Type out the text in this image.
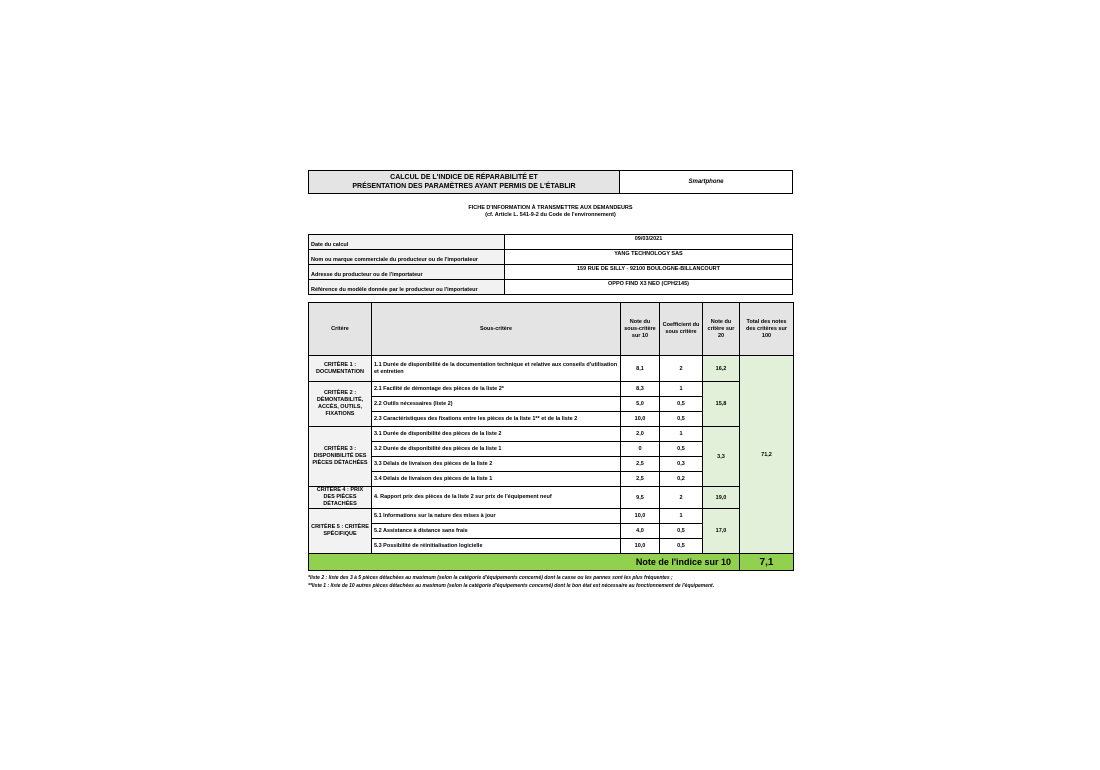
CALCUL DE L'INDICE DE RÉPARABILITÉ ET
PRÉSENTATION DES PARAMÈTRES AYANT PERMIS DE L'ÉTABLIR
	Smartphone
FICHE D'INFORMATION À TRANSMETTRE AUX DEMANDEURS
(cf. Article L. 541-9-2 du Code de l'environnement)
Date du calcul	09/03/2021
Nom ou marque commerciale du producteur ou de l'importateur	YANG TECHNOLOGY SAS
Adresse du producteur ou de l'importateur	159 RUE DE SILLY - 92100 BOULOGNE-BILLANCOURT
Référence du modèle donnée par le producteur ou l'importateur	OPPO FIND X3 NEO (CPH2145)
Critère	Sous-critère	Note du sous-critère sur 10	Coefficient du sous critère	Note du critère sur 20	Total des notes des critères sur 100
CRITÈRE 1 : DOCUMENTATION	1.1 Durée de disponibilité de la documentation technique et relative aux conseils d'utilisation et entretien	8,1	2	16,2	71,2
CRITÈRE 2 : DÉMONTABILITÉ, ACCÈS, OUTILS, FIXATIONS	2.1 Facilité de démontage des pièces de la liste 2*	8,3	1	15,8	
	2.2 Outils nécessaires (liste 2)	5,0	0,5		
	2.3 Caractéristiques des fixations entre les pièces de la liste 1** et de la liste 2	10,0	0,5		
CRITÈRE 3 : DISPONIBILITÉ DES PIÈCES DÉTACHÉES	3.1 Durée de disponibilité des pièces de la liste 2	2,0	1	3,3	
	3.2 Durée de disponibilité des pièces de la liste 1	0	0,5		
	3.3 Délais de livraison des pièces de la liste 2	2,5	0,3		
	3.4 Délais de livraison des pièces de la liste 1	2,5	0,2		
CRITÈRE 4 : PRIX DES PIÈCES DÉTACHÉES	4. Rapport prix des pièces de la liste 2 sur prix de l'équipement neuf	9,5	2	19,0	
CRITÈRE 5 : CRITÈRE SPÉCIFIQUE	5.1 Informations sur la nature des mises à jour	10,0	1	17,0	
	5.2 Assistance à distance sans frais	4,0	0,5		
	5.3 Possibilité de réinitialisation logicielle	10,0	0,5		
Note de l'indice sur 10					7,1
*liste 2 : liste des 3 à 5 pièces détachées au maximum (selon la catégorie d'équipements concerné) dont la casse ou les pannes sont les plus fréquentes ;
**liste 1 : liste de 10 autres pièces détachées au maximum (selon la catégorie d'équipements concerné) dont le bon état est nécessaire au fonctionnement de l'équipement.
